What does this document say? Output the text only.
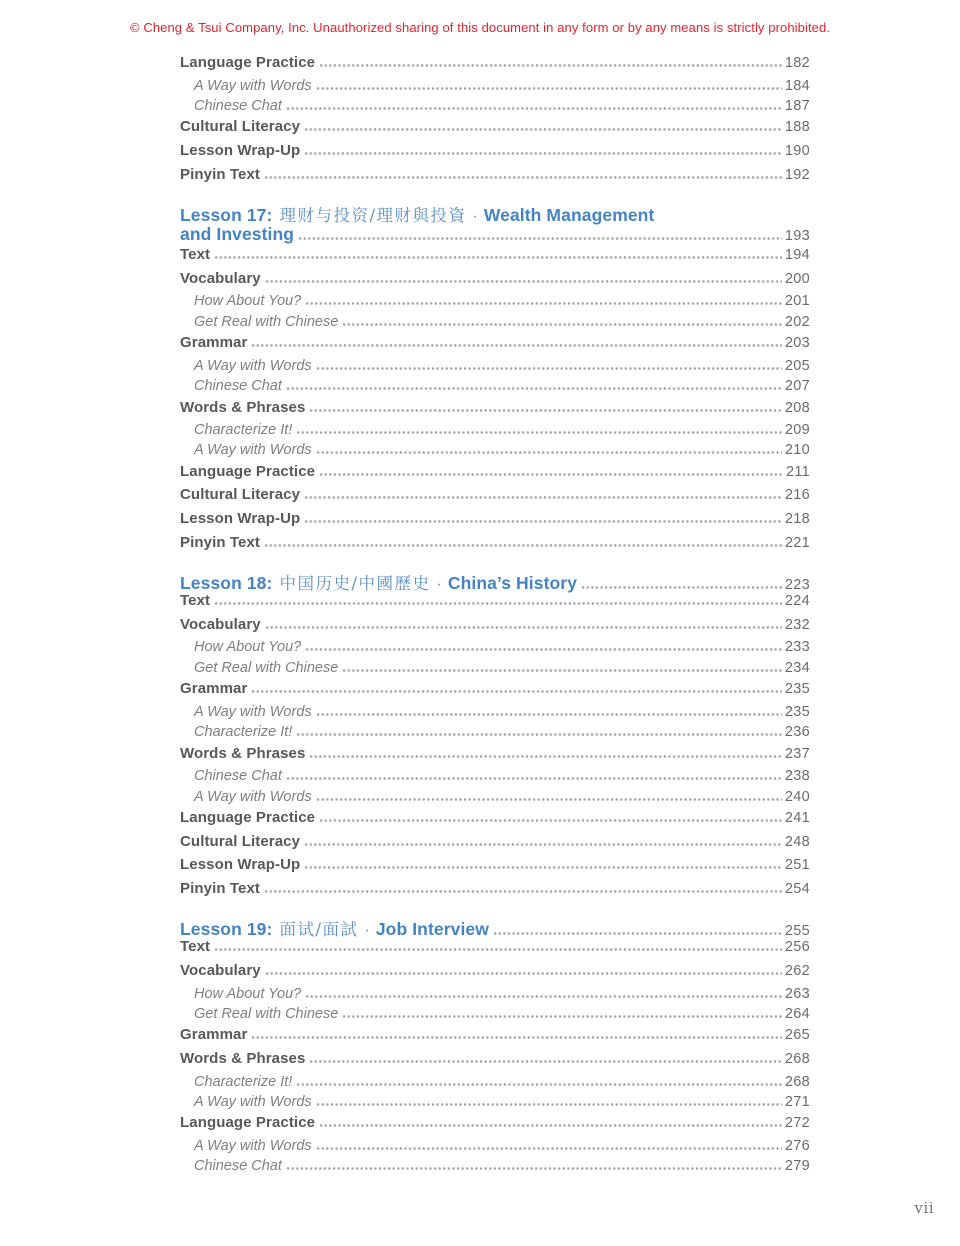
© Cheng & Tsui Company, Inc. Unauthorized sharing of this document in any form or by any means is strictly prohibited.
Language Practice	182
A Way with Words	184
Chinese Chat	187
Cultural Literacy	188
Lesson Wrap-Up	190
Pinyin Text	192
Lesson 17: 理财与投资/理财與投資 · Wealth Management
and Investing	193
Text	194
Vocabulary	200
How About You?	201
Get Real with Chinese	202
Grammar	203
A Way with Words	205
Chinese Chat	207
Words & Phrases	208
Characterize It!	209
A Way with Words	210
Language Practice	211
Cultural Literacy	216
Lesson Wrap-Up	218
Pinyin Text	221
Lesson 18: 中国历史/中國歷史 · China’s History	223
Text	224
Vocabulary	232
How About You?	233
Get Real with Chinese	234
Grammar	235
A Way with Words	235
Characterize It!	236
Words & Phrases	237
Chinese Chat	238
A Way with Words	240
Language Practice	241
Cultural Literacy	248
Lesson Wrap-Up	251
Pinyin Text	254
Lesson 19: 面试/面試 · Job Interview	255
Text	256
Vocabulary	262
How About You?	263
Get Real with Chinese	264
Grammar	265
Words & Phrases	268
Characterize It!	268
A Way with Words	271
Language Practice	272
A Way with Words	276
Chinese Chat	279
vii
